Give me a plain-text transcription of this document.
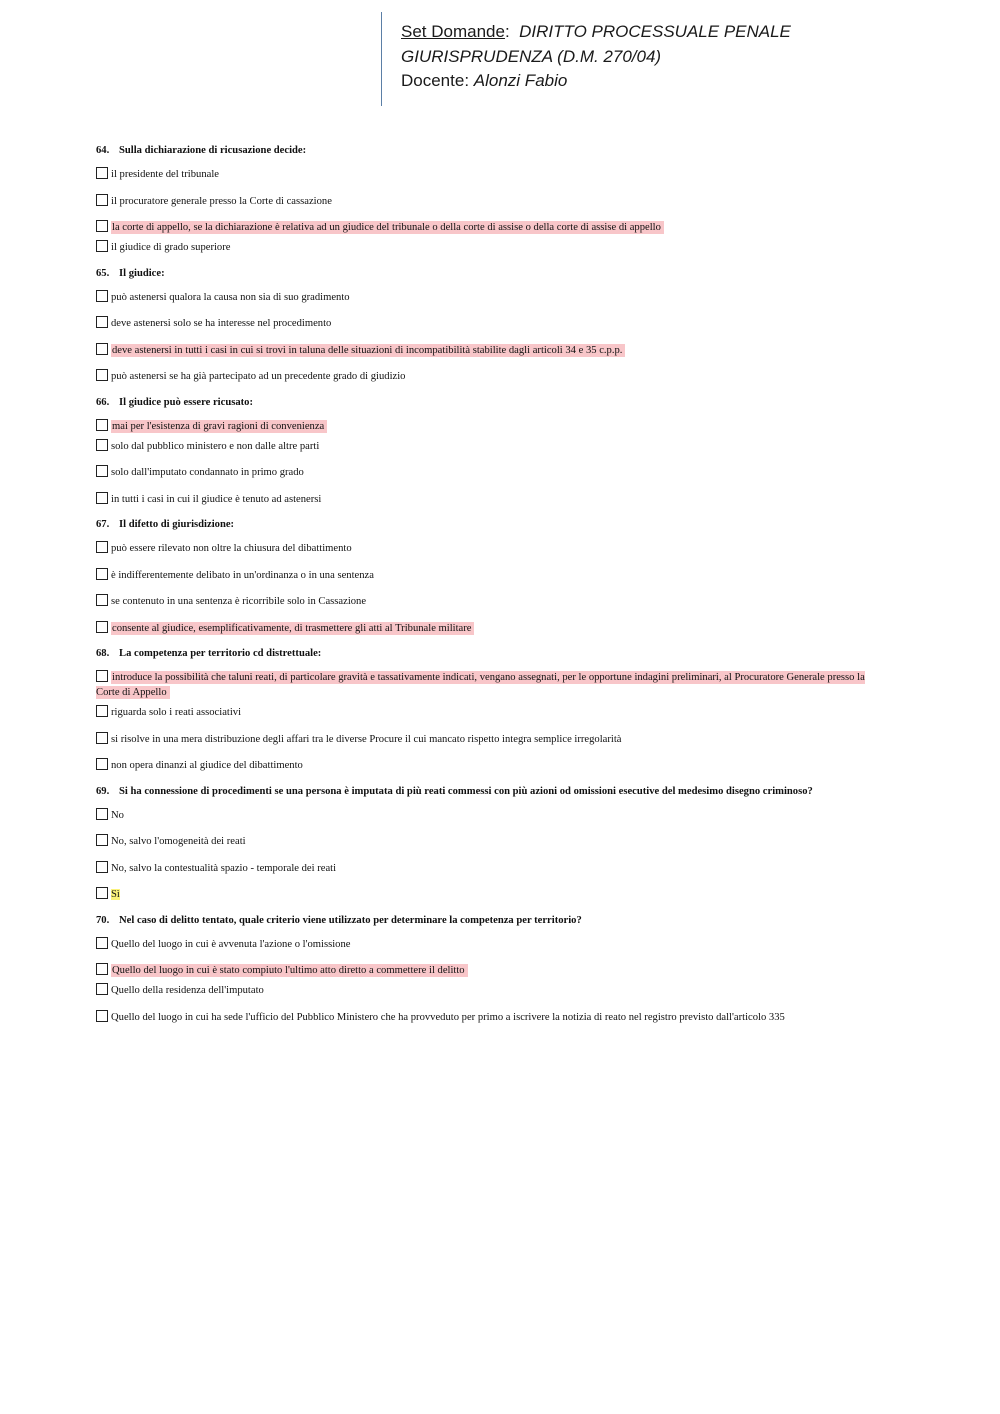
Set Domande: DIRITTO PROCESSUALE PENALE
GIURISPRUDENZA (D.M. 270/04)
Docente: Alonzi Fabio
64. Sulla dichiarazione di ricusazione decide:
il presidente del tribunale
il procuratore generale presso la Corte di cassazione
la corte di appello, se la dichiarazione è relativa ad un giudice del tribunale o della corte di assise o della corte di assise di appello
il giudice di grado superiore
65. Il giudice:
può astenersi qualora la causa non sia di suo gradimento
deve astenersi solo se ha interesse nel procedimento
deve astenersi in tutti i casi in cui si trovi in taluna delle situazioni di incompatibilità stabilite dagli articoli 34 e 35 c.p.p.
può astenersi se ha già partecipato ad un precedente grado di giudizio
66. Il giudice può essere ricusato:
mai per l'esistenza di gravi ragioni di convenienza
solo dal pubblico ministero e non dalle altre parti
solo dall'imputato condannato in primo grado
in tutti i casi in cui il giudice è tenuto ad astenersi
67. Il difetto di giurisdizione:
può essere rilevato non oltre la chiusura del dibattimento
è indifferentemente delibato in un'ordinanza o in una sentenza
se contenuto in una sentenza è ricorribile solo in Cassazione
consente al giudice, esemplificativamente, di trasmettere gli atti al Tribunale militare
68. La competenza per territorio cd distrettuale:
introduce la possibilità che taluni reati, di particolare gravità e tassativamente indicati, vengano assegnati, per le opportune indagini preliminari, al Procuratore Generale presso la Corte di Appello
riguarda solo i reati associativi
si risolve in una mera distribuzione degli affari tra le diverse Procure il cui mancato rispetto integra semplice irregolarità
non opera dinanzi al giudice del dibattimento
69. Si ha connessione di procedimenti se una persona è imputata di più reati commessi con più azioni od omissioni esecutive del medesimo disegno criminoso?
No
No, salvo l'omogeneità dei reati
No, salvo la contestualità spazio - temporale dei reati
Sì
70. Nel caso di delitto tentato, quale criterio viene utilizzato per determinare la competenza per territorio?
Quello del luogo in cui è avvenuta l'azione o l'omissione
Quello del luogo in cui è stato compiuto l'ultimo atto diretto a commettere il delitto
Quello della residenza dell'imputato
Quello del luogo in cui ha sede l'ufficio del Pubblico Ministero che ha provveduto per primo a iscrivere la notizia di reato nel registro previsto dall'articolo 335
